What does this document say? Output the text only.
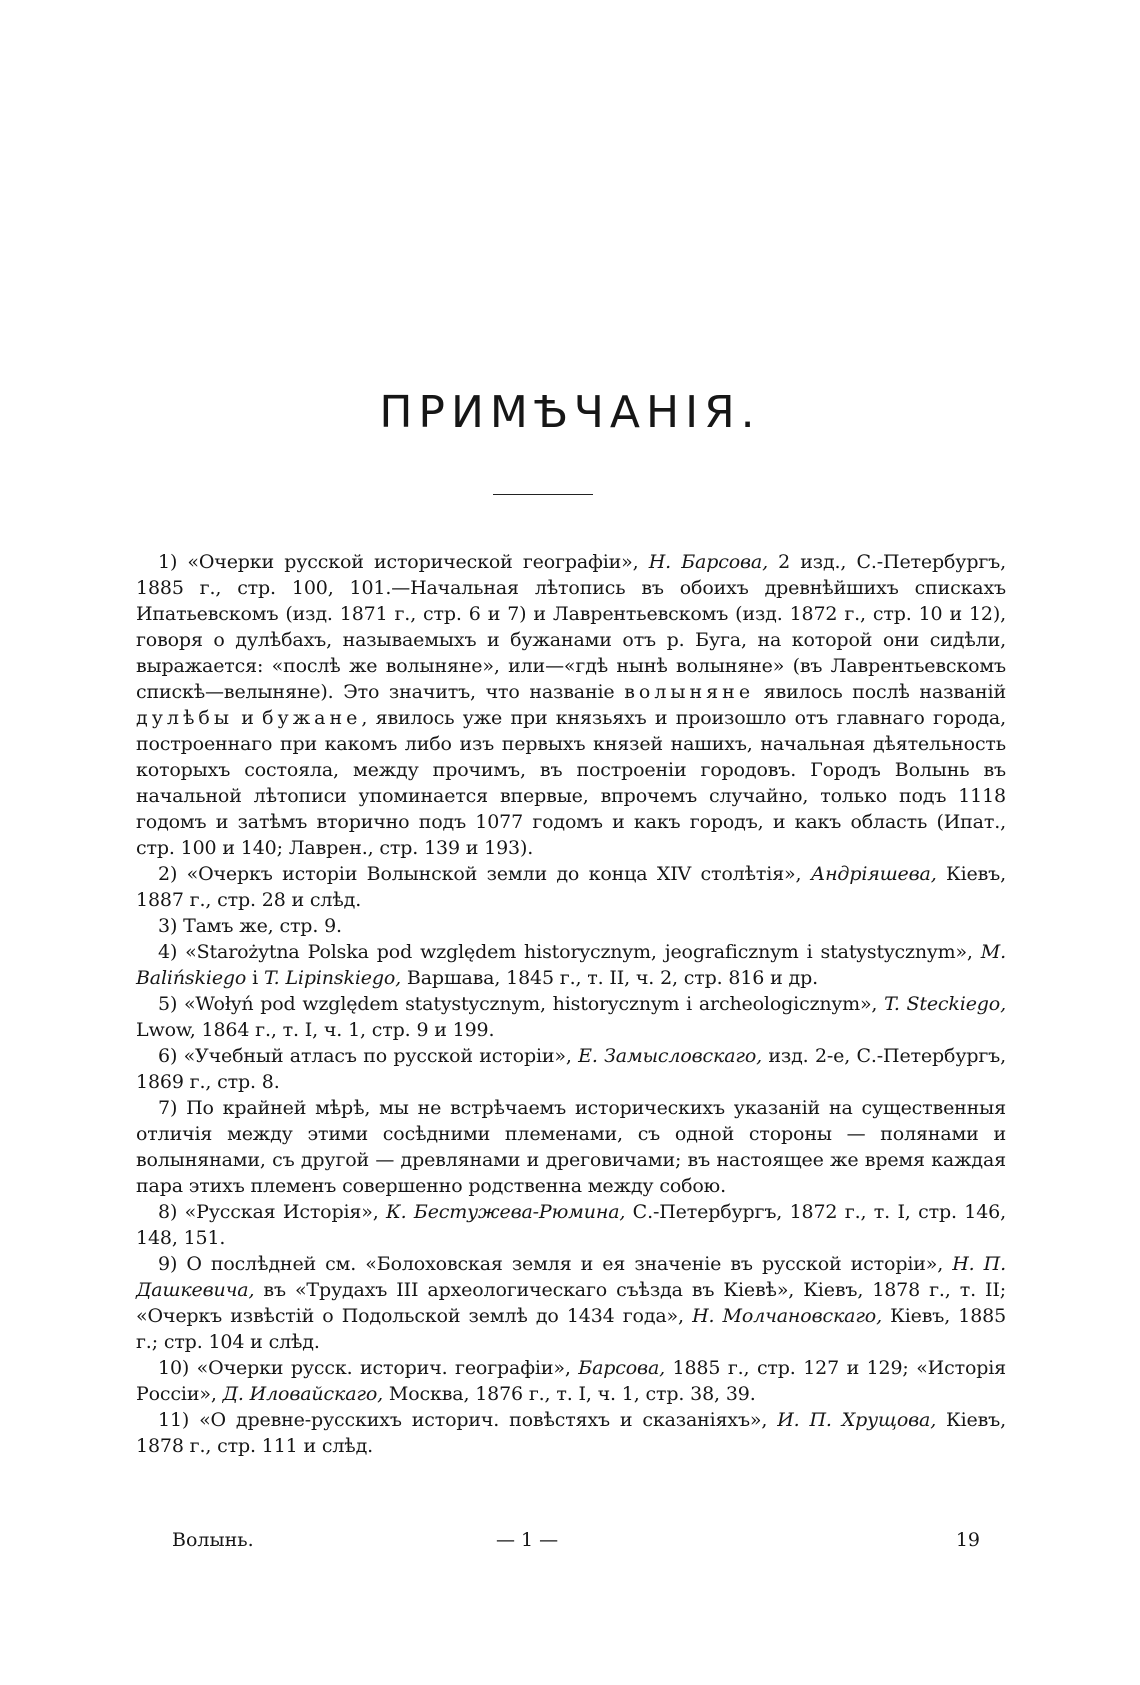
ПРИМѢЧАНІЯ.

1) «Очерки русской исторической географіи», Н. Барсова, 2 изд., С.-Петербургъ, 1885 г., стр. 100, 101.—Начальная лѣтопись въ обоихъ древнѣйшихъ спискахъ Ипатьевскомъ (изд. 1871 г., стр. 6 и 7) и Лаврентьевскомъ (изд. 1872 г., стр. 10 и 12), говоря о дулѣбахъ, называемыхъ и бужанами отъ р. Буга, на которой они сидѣли, выражается: «послѣ же волыняне», или—«гдѣ нынѣ волыняне» (въ Лаврентьевскомъ спискѣ—велыняне). Это значитъ, что названіе волыняне явилось послѣ названій дулѣбы и бужане, явилось уже при князьяхъ и произошло отъ главнаго города, построеннаго при какомъ либо изъ первыхъ князей нашихъ, начальная дѣятельность которыхъ состояла, между прочимъ, въ построеніи городовъ. Городъ Волынь въ начальной лѣтописи упоминается впервые, впрочемъ случайно, только подъ 1118 годомъ и затѣмъ вторично подъ 1077 годомъ и какъ городъ, и какъ область (Ипат., стр. 100 и 140; Лаврен., стр. 139 и 193).

2) «Очеркъ исторіи Волынской земли до конца XIV столѣтія», Андріяшева, Кіевъ, 1887 г., стр. 28 и слѣд.

3) Тамъ же, стр. 9.

4) «Starożytna Polska pod względem historycznym, jeograficznym i statystycznym», M. Balińskiego i T. Lipinskiego, Варшава, 1845 г., т. II, ч. 2, стр. 816 и др.

5) «Wołyń pod względem statystycznym, historycznym i archeologicznym», T. Steckiego, Lwow, 1864 г., т. I, ч. 1, стр. 9 и 199.

6) «Учебный атласъ по русской исторіи», Е. Замысловскаго, изд. 2-е, С.-Петербургъ, 1869 г., стр. 8.

7) По крайней мѣрѣ, мы не встрѣчаемъ историческихъ указаній на существенныя отличія между этими сосѣдними племенами, съ одной стороны — полянами и волынянами, съ другой — древлянами и дреговичами; въ настоящее же время каждая пара этихъ племенъ совершенно родственна между собою.

8) «Русская Исторія», К. Бестужева-Рюмина, С.-Петербургъ, 1872 г., т. I, стр. 146, 148, 151.

9) О послѣдней см. «Болоховская земля и ея значеніе въ русской исторіи», Н. П. Дашкевича, въ «Трудахъ III археологическаго съѣзда въ Кіевѣ», Кіевъ, 1878 г., т. II; «Очеркъ извѣстій о Подольской землѣ до 1434 года», Н. Молчановскаго, Кіевъ, 1885 г.; стр. 104 и слѣд.

10) «Очерки русск. историч. географіи», Барсова, 1885 г., стр. 127 и 129; «Исторія Россіи», Д. Иловайскаго, Москва, 1876 г., т. I, ч. 1, стр. 38, 39.

11) «О древне-русскихъ историч. повѣстяхъ и сказаніяхъ», И. П. Хрущова, Кіевъ, 1878 г., стр. 111 и слѣд.

Волынь.	— 1 —	19
